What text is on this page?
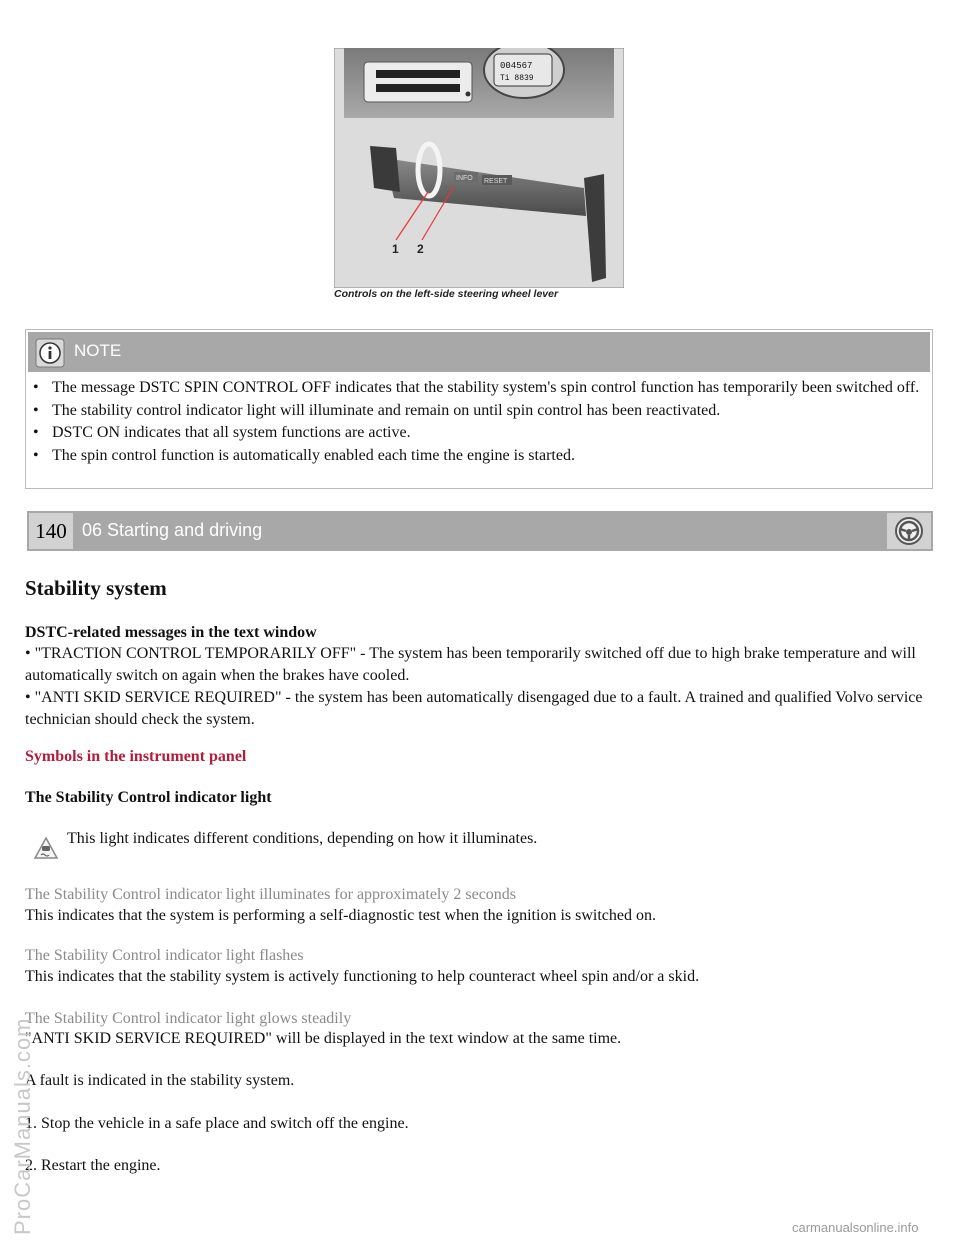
004567
Ti 8839
INFO RESET
1 2
Controls on the left-side steering wheel lever
NOTE

• The message DSTC SPIN CONTROL OFF indicates that the stability system's spin control function has temporarily been switched off.

• The stability control indicator light will illuminate and remain on until spin control has been reactivated.

• DSTC ON indicates that all system functions are active.

• The spin control function is automatically enabled each time the engine is started.

140 06 Starting and driving
Stability system
DSTC-related messages in the text window

• "TRACTION CONTROL TEMPORARILY OFF" - The system has been temporarily switched off due to high brake temperature and will automatically switch on again when the brakes have cooled.

• "ANTI SKID SERVICE REQUIRED" - the system has been automatically disengaged due to a fault. A trained and qualified Volvo service technician should check the system.

Symbols in the instrument panel
The Stability Control indicator light
This light indicates different conditions, depending on how it illuminates.
The Stability Control indicator light illuminates for approximately 2 seconds
This indicates that the system is performing a self-diagnostic test when the ignition is switched on.
The Stability Control indicator light flashes
This indicates that the stability system is actively functioning to help counteract wheel spin and/or a skid.
The Stability Control indicator light glows steadily
"ANTI SKID SERVICE REQUIRED" will be displayed in the text window at the same time.
A fault is indicated in the stability system.
1. Stop the vehicle in a safe place and switch off the engine.
2. Restart the engine.
ProCarManuals.com	carmanualsonline.info
